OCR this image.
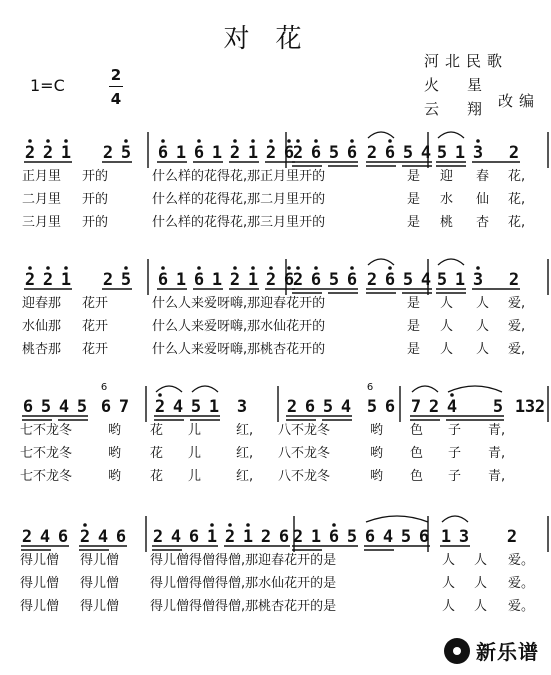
对花
河北民歌
火星
云翔
改编
1=C
2
4
2 2 1 2 5 6 1 6 1 2 1 2 6
2 6 5 6 2 6 5 4 5 1 3 2
2 2 1 2 5 6 1 6 1 2 1 2 6
2 6 5 6 2 6 5 4 5 1 3 2
6 5 4 5 6 7 2 4 5 1 3 2 6 5 4 5 6 7 2 4 5 1 3 2
6	6
2 4 6 2 4 6 2 4 6 1 2 1 2 6 2 1 6 5 6 4 5 6 1 3 2
正月里 开的	什么样的花得花,那正月里开的	是 迎 春 花,
二月里 开的	什么样的花得花,那二月里开的	是 水 仙 花,
三月里 开的	什么样的花得花,那三月里开的	是 桃 杏 花,
迎春那 花开	什么人来爱呀嗨,那迎春花开的	是 人 人 爱,
水仙那 花开	什么人来爱呀嗨,那水仙花开的	是 人 人 爱,
桃杏那 花开	什么人来爱呀嗨,那桃杏花开的	是 人 人 爱,
七不龙冬	哟 花 儿	红, 八不龙冬	哟 色 子 青,
七不龙冬	哟 花 儿	红, 八不龙冬	哟 色 子 青,
七不龙冬	哟 花 儿	红, 八不龙冬	哟 色 子 青,
得儿僧 得儿僧 得儿僧得僧得僧,那迎春花开的是	人 人 爱。
得儿僧 得儿僧 得儿僧得僧得僧,那水仙花开的是	人 人 爱。
得儿僧 得儿僧 得儿僧得僧得僧,那桃杏花开的是	人 人 爱。
新乐谱
